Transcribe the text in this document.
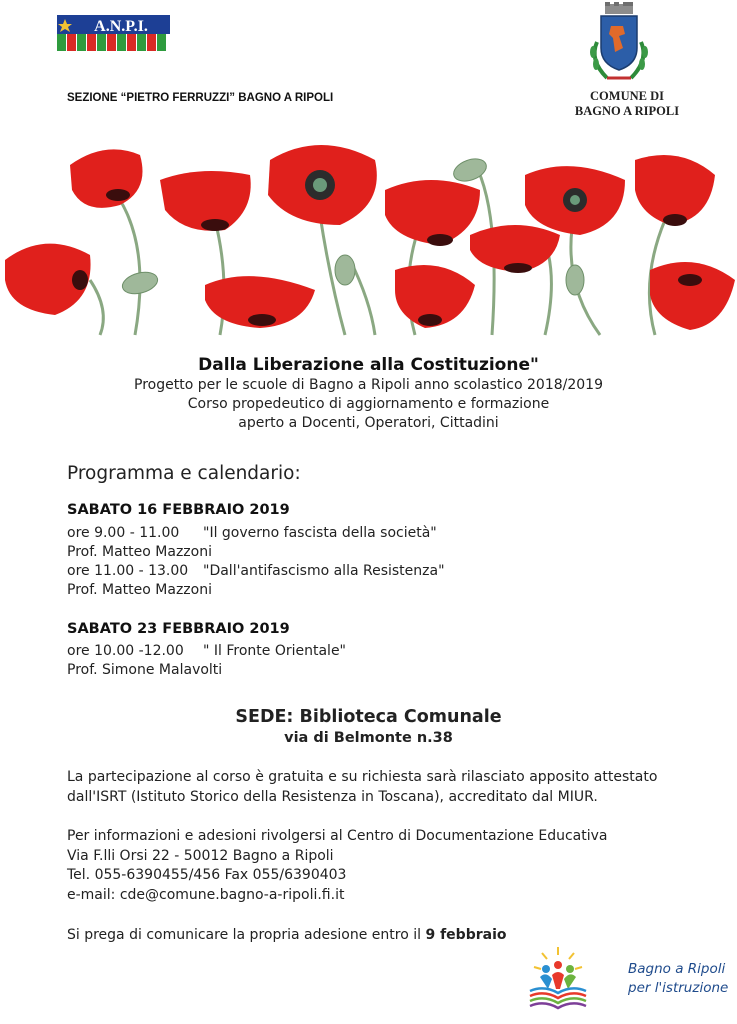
A.N.P.I.
SEZIONE “PIETRO FERRUZZI” BAGNO A RIPOLI	COMUNE DI
BAGNO A RIPOLI
Dalla Liberazione alla Costituzione"
Progetto per le scuole di Bagno a Ripoli anno scolastico 2018/2019
Corso propedeutico di aggiornamento e formazione
aperto a Docenti, Operatori, Cittadini
Programma e calendario:
SABATO 16 FEBBRAIO 2019
ore 9.00 - 11.00 "Il governo fascista della società"
Prof. Matteo Mazzoni
ore 11.00 - 13.00 "Dall'antifascismo alla Resistenza"
Prof. Matteo Mazzoni
SABATO 23 FEBBRAIO 2019
ore 10.00 -12.00 " Il Fronte Orientale"
Prof. Simone Malavolti
SEDE: Biblioteca Comunale
via di Belmonte n.38
La partecipazione al corso è gratuita e su richiesta sarà rilasciato apposito attestato
dall'ISRT (Istituto Storico della Resistenza in Toscana), accreditato dal MIUR.
Per informazioni e adesioni rivolgersi al Centro di Documentazione Educativa
Via F.lli Orsi 22 - 50012 Bagno a Ripoli
Tel. 055-6390455/456 Fax 055/6390403
e-mail: cde@comune.bagno-a-ripoli.fi.it
Si prega di comunicare la propria adesione entro il 9 febbraio
Bagno a Ripoli
per l'istruzione
